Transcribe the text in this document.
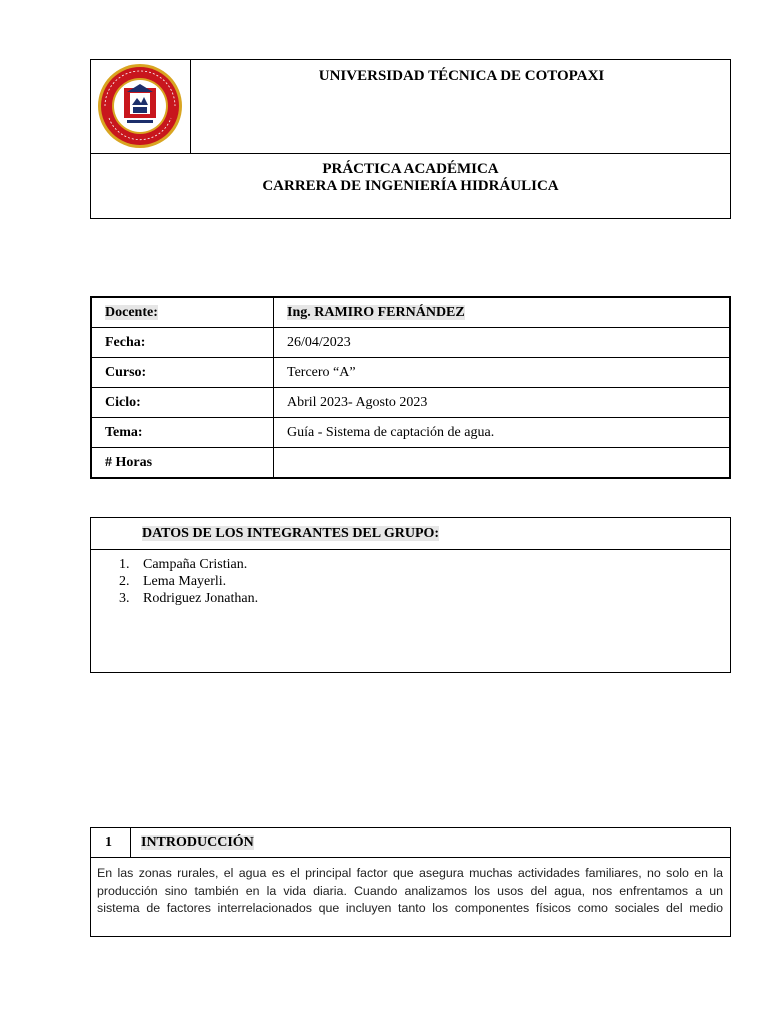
UNIVERSIDAD TÉCNICA DE COTOPAXI
PRÁCTICA ACADÉMICA
CARRERA DE INGENIERÍA HIDRÁULICA
Docente:	Ing. RAMIRO FERNÁNDEZ
Fecha:	26/04/2023
Curso:	Tercero “A”
Ciclo:	Abril 2023- Agosto 2023
Tema:	Guía - Sistema de captación de agua.
# Horas	
DATOS DE LOS INTEGRANTES DEL GRUPO:
1. Campaña Cristian.
2. Lema Mayerli.
3. Rodriguez Jonathan.
1 INTRODUCCIÓN
En las zonas rurales, el agua es el principal factor que asegura muchas actividades familiares, no solo en la
producción sino también en la vida diaria. Cuando analizamos los usos del agua, nos enfrentamos a un
sistema de factores interrelacionados que incluyen tanto los componentes físicos como sociales del medio
